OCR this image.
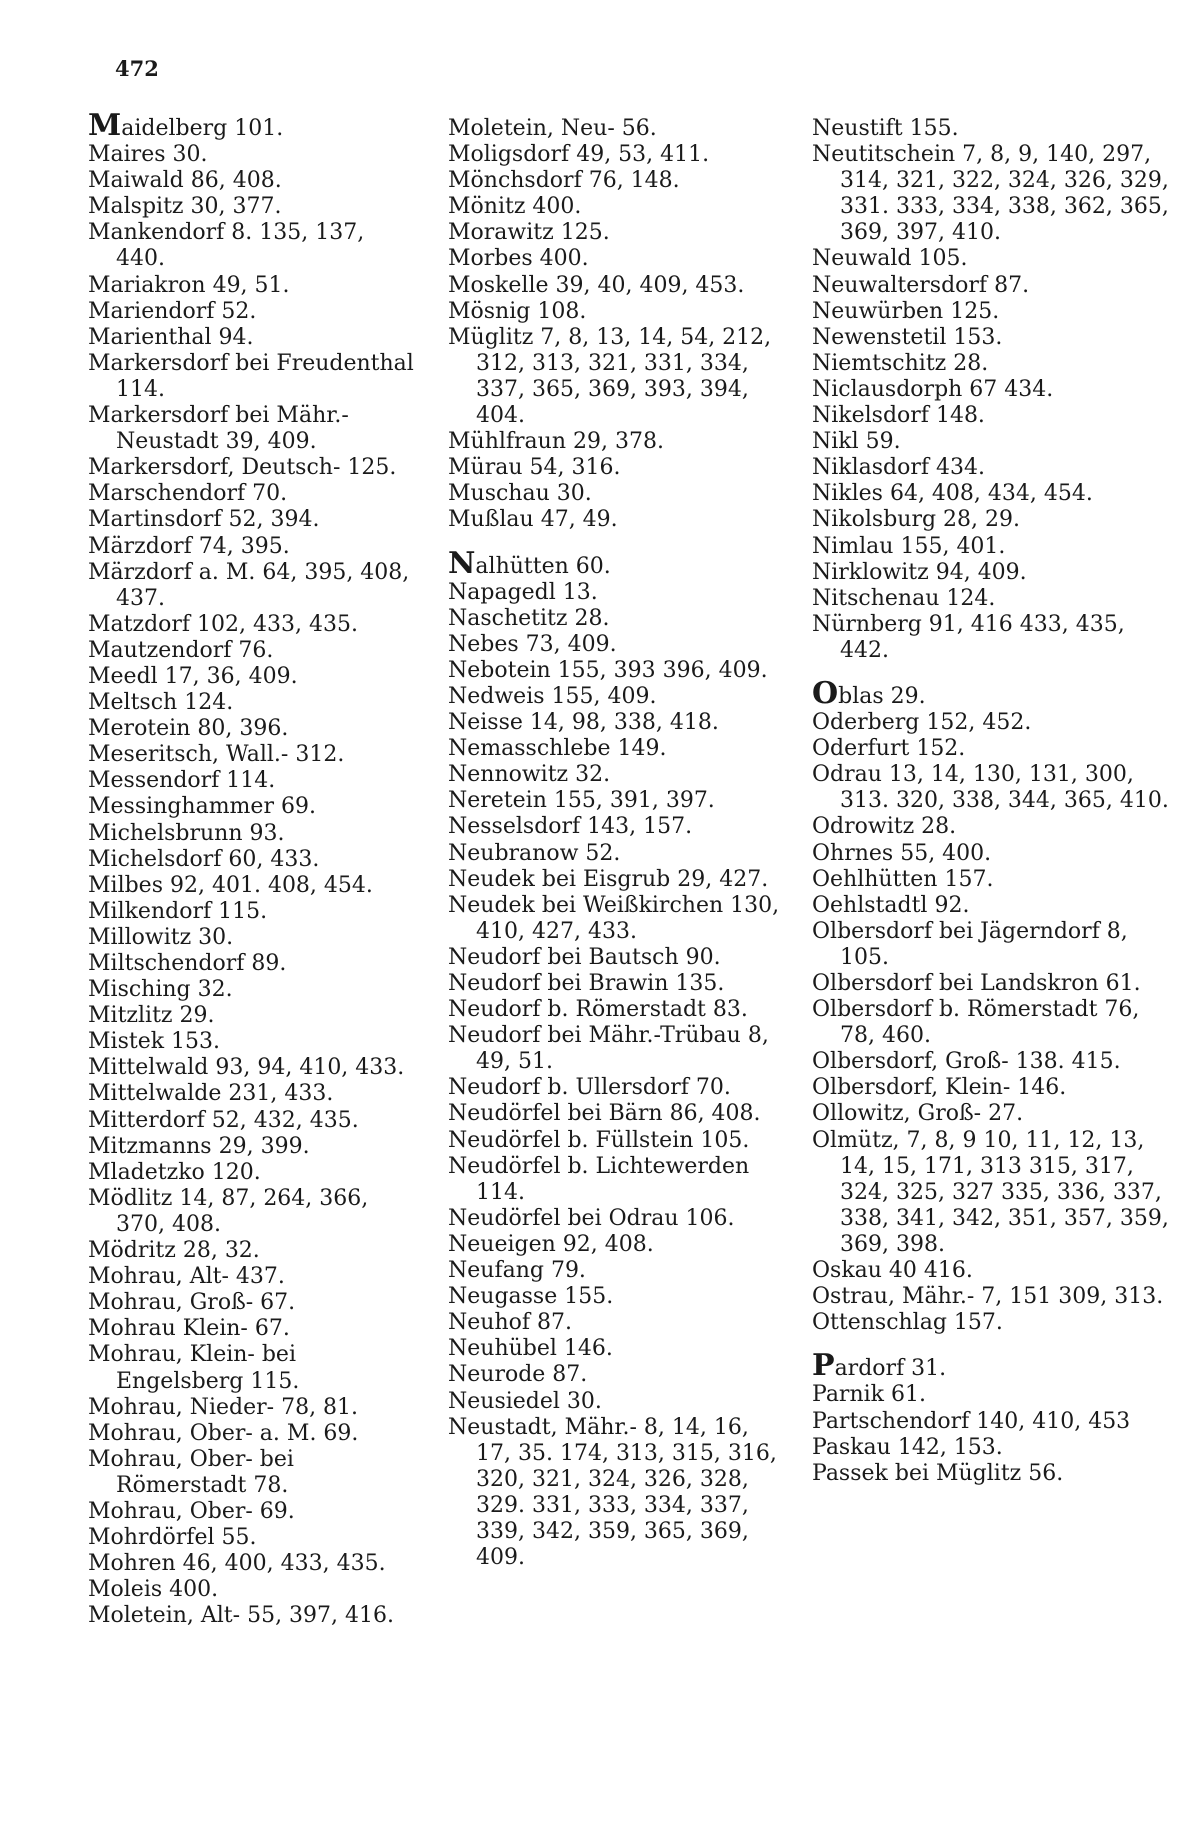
472

Maidelberg 101.

Maires 30.

Maiwald 86, 408.

Malspitz 30, 377.

Mankendorf 8. 135, 137, 440.

Mariakron 49, 51.

Mariendorf 52.

Marienthal 94.

Markersdorf bei Freudenthal 114.

Markersdorf bei Mähr.-Neustadt 39, 409.

Markersdorf, Deutsch- 125.

Marschendorf 70.

Martinsdorf 52, 394.

Märzdorf 74, 395.

Märzdorf a. M. 64, 395, 408, 437.

Matzdorf 102, 433, 435.

Mautzendorf 76.

Meedl 17, 36, 409.

Meltsch 124.

Merotein 80, 396.

Meseritsch, Wall.- 312.

Messendorf 114.

Messinghammer 69.

Michelsbrunn 93.

Michelsdorf 60, 433.

Milbes 92, 401. 408, 454.

Milkendorf 115.

Millowitz 30.

Miltschendorf 89.

Misching 32.

Mitzlitz 29.

Mistek 153.

Mittelwald 93, 94, 410, 433.

Mittelwalde 231, 433.

Mitterdorf 52, 432, 435.

Mitzmanns 29, 399.

Mladetzko 120.

Mödlitz 14, 87, 264, 366, 370, 408.

Mödritz 28, 32.

Mohrau, Alt- 437.

Mohrau, Groß- 67.

Mohrau Klein- 67.

Mohrau, Klein- bei Engelsberg 115.

Mohrau, Nieder- 78, 81.

Mohrau, Ober- a. M. 69.

Mohrau, Ober- bei Römerstadt 78.

Mohrau, Ober- 69.

Mohrdörfel 55.

Mohren 46, 400, 433, 435.

Moleis 400.

Moletein, Alt- 55, 397, 416.

Moletein, Neu- 56.

Moligsdorf 49, 53, 411.

Mönchsdorf 76, 148.

Mönitz 400.

Morawitz 125.

Morbes 400.

Moskelle 39, 40, 409, 453.

Mösnig 108.

Müglitz 7, 8, 13, 14, 54, 212, 312, 313, 321, 331, 334, 337, 365, 369, 393, 394, 404.

Mühlfraun 29, 378.

Mürau 54, 316.

Muschau 30.

Mußlau 47, 49.

Nalhütten 60.

Napagedl 13.

Naschetitz 28.

Nebes 73, 409.

Nebotein 155, 393 396, 409.

Nedweis 155, 409.

Neisse 14, 98, 338, 418.

Nemasschlebe 149.

Nennowitz 32.

Neretein 155, 391, 397.

Nesselsdorf 143, 157.

Neubranow 52.

Neudek bei Eisgrub 29, 427.

Neudek bei Weißkirchen 130, 410, 427, 433.

Neudorf bei Bautsch 90.

Neudorf bei Brawin 135.

Neudorf b. Römerstadt 83.

Neudorf bei Mähr.-Trübau 8, 49, 51.

Neudorf b. Ullersdorf 70.

Neudörfel bei Bärn 86, 408.

Neudörfel b. Füllstein 105.

Neudörfel b. Lichtewerden 114.

Neudörfel bei Odrau 106.

Neueigen 92, 408.

Neufang 79.

Neugasse 155.

Neuhof 87.

Neuhübel 146.

Neurode 87.

Neusiedel 30.

Neustadt, Mähr.- 8, 14, 16, 17, 35. 174, 313, 315, 316, 320, 321, 324, 326, 328, 329. 331, 333, 334, 337, 339, 342, 359, 365, 369, 409.

Neustift 155.

Neutitschein 7, 8, 9, 140, 297, 314, 321, 322, 324, 326, 329, 331. 333, 334, 338, 362, 365, 369, 397, 410.

Neuwald 105.

Neuwaltersdorf 87.

Neuwürben 125.

Newenstetil 153.

Niemtschitz 28.

Niclausdorph 67 434.

Nikelsdorf 148.

Nikl 59.

Niklasdorf 434.

Nikles 64, 408, 434, 454.

Nikolsburg 28, 29.

Nimlau 155, 401.

Nirklowitz 94, 409.

Nitschenau 124.

Nürnberg 91, 416 433, 435, 442.

Oblas 29.

Oderberg 152, 452.

Oderfurt 152.

Odrau 13, 14, 130, 131, 300, 313. 320, 338, 344, 365, 410.

Odrowitz 28.

Ohrnes 55, 400.

Oehlhütten 157.

Oehlstadtl 92.

Olbersdorf bei Jägerndorf 8, 105.

Olbersdorf bei Landskron 61.

Olbersdorf b. Römerstadt 76, 78, 460.

Olbersdorf, Groß- 138. 415.

Olbersdorf, Klein- 146.

Ollowitz, Groß- 27.

Olmütz, 7, 8, 9 10, 11, 12, 13, 14, 15, 171, 313 315, 317, 324, 325, 327 335, 336, 337, 338, 341, 342, 351, 357, 359, 369, 398.

Oskau 40 416.

Ostrau, Mähr.- 7, 151 309, 313.

Ottenschlag 157.

Pardorf 31.

Parnik 61.

Partschendorf 140, 410, 453

Paskau 142, 153.

Passek bei Müglitz 56.
